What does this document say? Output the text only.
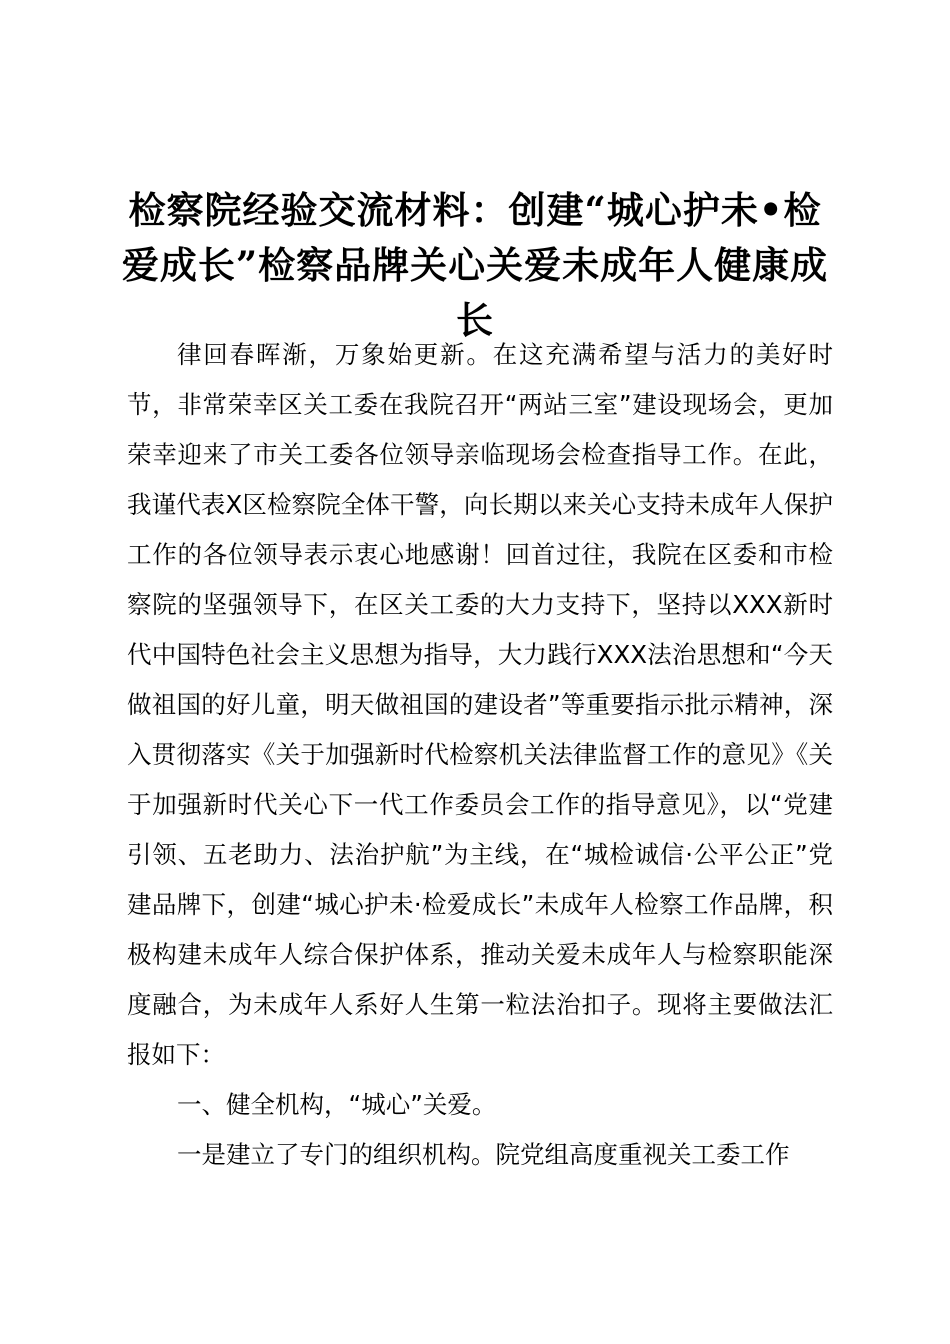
检察院经验交流材料：创建“城心护未•检爱成长”检察品牌关心关爱未成年人健康成长

律回春晖渐，万象始更新。在这充满希望与活力的美好时节，非常荣幸区关工委在我院召开“两站三室”建设现场会，更加荣幸迎来了市关工委各位领导亲临现场会检查指导工作。在此，我谨代表X区检察院全体干警，向长期以来关心支持未成年人保护工作的各位领导表示衷心地感谢！回首过往，我院在区委和市检察院的坚强领导下，在区关工委的大力支持下，坚持以XXX新时代中国特色社会主义思想为指导，大力践行XXX法治思想和“今天做祖国的好儿童，明天做祖国的建设者”等重要指示批示精神，深入贯彻落实《关于加强新时代检察机关法律监督工作的意见》《关于加强新时代关心下一代工作委员会工作的指导意见》，以“党建引领、五老助力、法治护航”为主线，在“城检诚信·公平公正”党建品牌下，创建“城心护未·检爱成长”未成年人检察工作品牌，积极构建未成年人综合保护体系，推动关爱未成年人与检察职能深度融合，为未成年人系好人生第一粒法治扣子。现将主要做法汇报如下：

一、健全机构，“城心”关爱。

一是建立了专门的组织机构。院党组高度重视关工委工作
